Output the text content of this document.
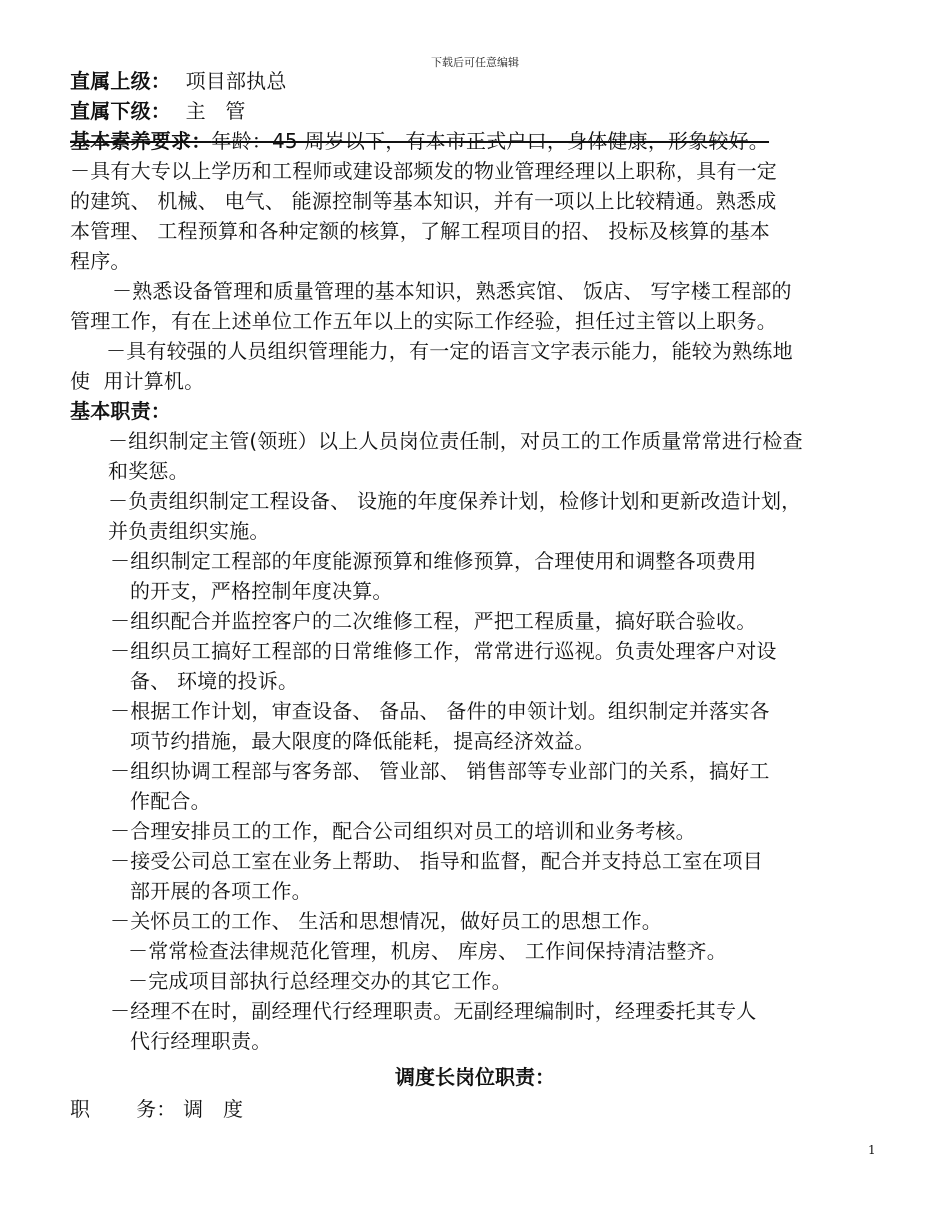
下载后可任意编辑
直属上级： 项目部执总
直属下级： 主   管
基本素养要求：年龄：45 周岁以下，有本市正式户口，身体健康，形象较好。
－具有大专以上学历和工程师或建设部频发的物业管理经理以上职称，具有一定
的建筑、 机械、 电气、 能源控制等基本知识，并有一项以上比较精通。熟悉成
本管理、 工程预算和各种定额的核算，了解工程项目的招、 投标及核算的基本
程序。
－熟悉设备管理和质量管理的基本知识，熟悉宾馆、 饭店、 写字楼工程部的
管理工作，有在上述单位工作五年以上的实际工作经验，担任过主管以上职务。
－具有较强的人员组织管理能力，有一定的语言文字表示能力，能较为熟练地
使  用计算机。
基本职责：
－组织制定主管(领班）以上人员岗位责任制，对员工的工作质量常常进行检查
和奖惩。
－负责组织制定工程设备、 设施的年度保养计划，检修计划和更新改造计划，
并负责组织实施。
－组织制定工程部的年度能源预算和维修预算，合理使用和调整各项费用
的开支，严格控制年度决算。
－组织配合并监控客户的二次维修工程，严把工程质量，搞好联合验收。
－组织员工搞好工程部的日常维修工作，常常进行巡视。负责处理客户对设
备、 环境的投诉。
－根据工作计划，审查设备、 备品、 备件的申领计划。组织制定并落实各
项节约措施，最大限度的降低能耗，提高经济效益。
－组织协调工程部与客务部、 管业部、 销售部等专业部门的关系，搞好工
作配合。
－合理安排员工的工作，配合公司组织对员工的培训和业务考核。
－接受公司总工室在业务上帮助、 指导和监督，配合并支持总工室在项目
部开展的各项工作。
－关怀员工的工作、 生活和思想情况，做好员工的思想工作。
－常常检查法律规范化管理，机房、 库房、 工作间保持清洁整齐。
－完成项目部执行总经理交办的其它工作。
－经理不在时，副经理代行经理职责。无副经理编制时，经理委托其专人
代行经理职责。
调度长岗位职责：
职       务： 调   度
1
